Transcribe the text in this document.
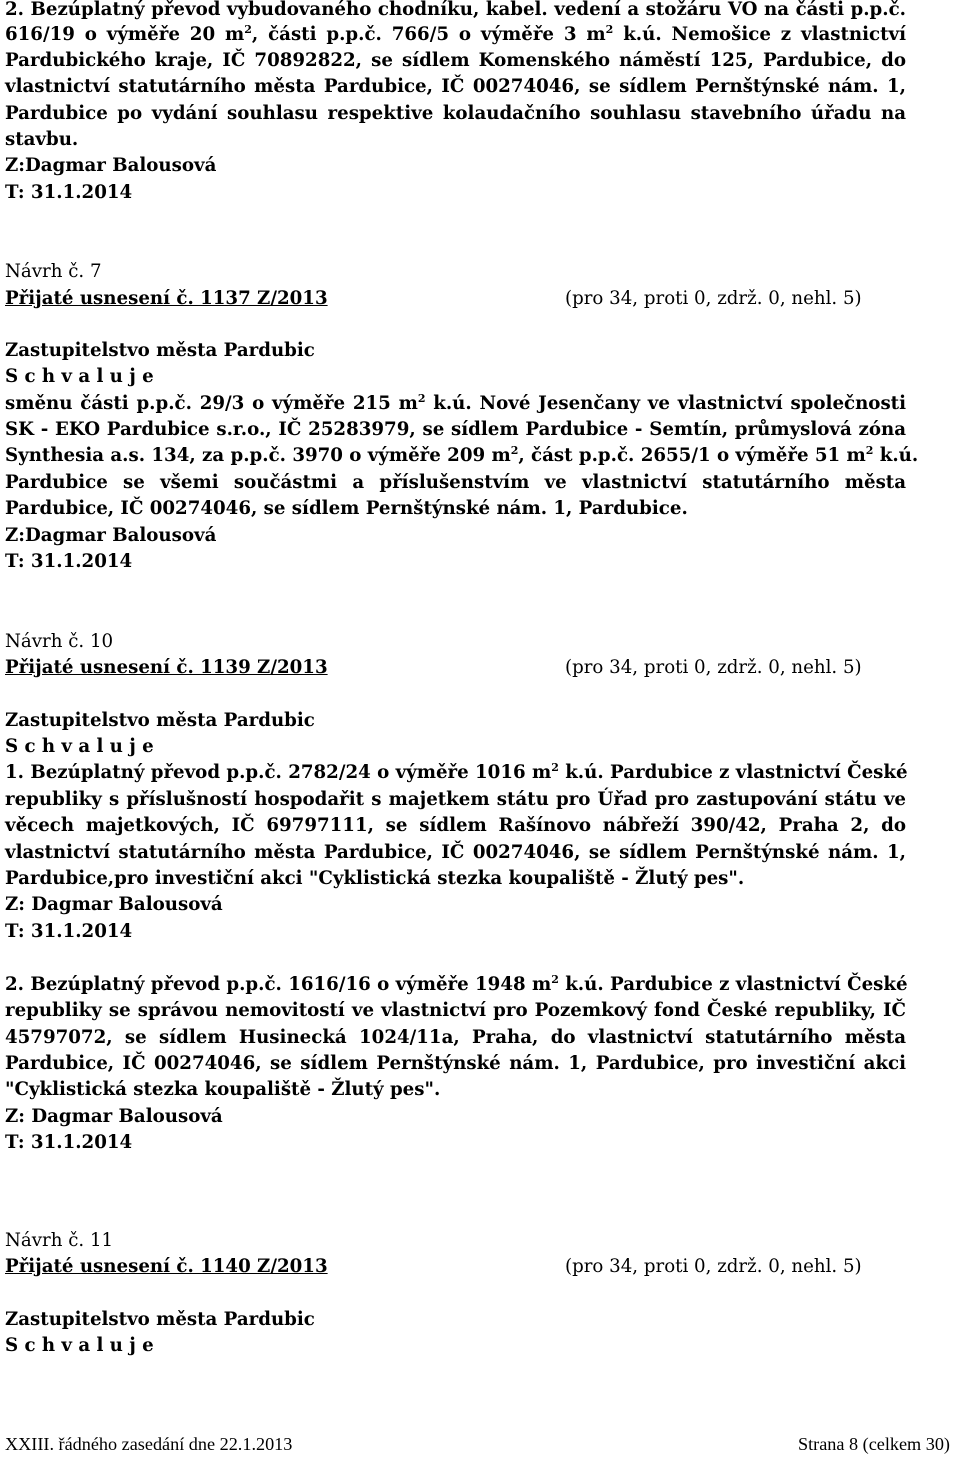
2. Bezúplatný převod vybudovaného chodníku, kabel. vedení a stožáru VO na části p.p.č.
616/19 o výměře 20 $m^2$, části p.p.č. 766/5 o výměře 3 $m^2$ k.ú. Nemošice z vlastnictví
Pardubického kraje, IČ 70892822, se sídlem Komenského náměstí 125, Pardubice, do
vlastnictví statutárního města Pardubice, IČ 00274046, se sídlem Pernštýnské nám. 1,
Pardubice po vydání souhlasu respektive kolaudačního souhlasu stavebního úřadu na
stavbu.
Z:Dagmar Balousová
T: 31.1.2014
Návrh č. 7
Přijaté usnesení č. 1137 Z/2013	(pro 34, proti 0, zdrž. 0, nehl. 5)
Zastupitelstvo města Pardubic
S c h v a l u j e
směnu části p.p.č. 29/3 o výměře 215 $m^2$ k.ú. Nové Jesenčany ve vlastnictví společnosti
SK - EKO Pardubice s.r.o., IČ 25283979, se sídlem Pardubice - Semtín, průmyslová zóna
Synthesia a.s. 134, za p.p.č. 3970 o výměře 209 $m^2$, část p.p.č. 2655/1 o výměře 51 $m^2$ k.ú.
Pardubice se všemi součástmi a příslušenstvím ve vlastnictví statutárního města
Pardubice, IČ 00274046, se sídlem Pernštýnské nám. 1, Pardubice.
Z:Dagmar Balousová
T: 31.1.2014
Návrh č. 10
Přijaté usnesení č. 1139 Z/2013	(pro 34, proti 0, zdrž. 0, nehl. 5)
Zastupitelstvo města Pardubic
S c h v a l u j e
1. Bezúplatný převod p.p.č. 2782/24 o výměře 1016 $m^2$ k.ú. Pardubice z vlastnictví České
republiky s příslušností hospodařit s majetkem státu pro Úřad pro zastupování státu ve
věcech majetkových, IČ 69797111, se sídlem Rašínovo nábřeží 390/42, Praha 2, do
vlastnictví statutárního města Pardubice, IČ 00274046, se sídlem Pernštýnské nám. 1,
Pardubice,pro investiční akci "Cyklistická stezka koupaliště - Žlutý pes".
Z: Dagmar Balousová
T: 31.1.2014
2. Bezúplatný převod p.p.č. 1616/16 o výměře 1948 $m^2$ k.ú. Pardubice z vlastnictví České
republiky se správou nemovitostí ve vlastnictví pro Pozemkový fond České republiky, IČ
45797072, se sídlem Husinecká 1024/11a, Praha, do vlastnictví statutárního města
Pardubice, IČ 00274046, se sídlem Pernštýnské nám. 1, Pardubice, pro investiční akci
"Cyklistická stezka koupaliště - Žlutý pes".
Z: Dagmar Balousová
T: 31.1.2014
Návrh č. 11
Přijaté usnesení č. 1140 Z/2013	(pro 34, proti 0, zdrž. 0, nehl. 5)
Zastupitelstvo města Pardubic
S c h v a l u j e
XXIII. řádného zasedání dne 22.1.2013	Strana 8 (celkem 30)
